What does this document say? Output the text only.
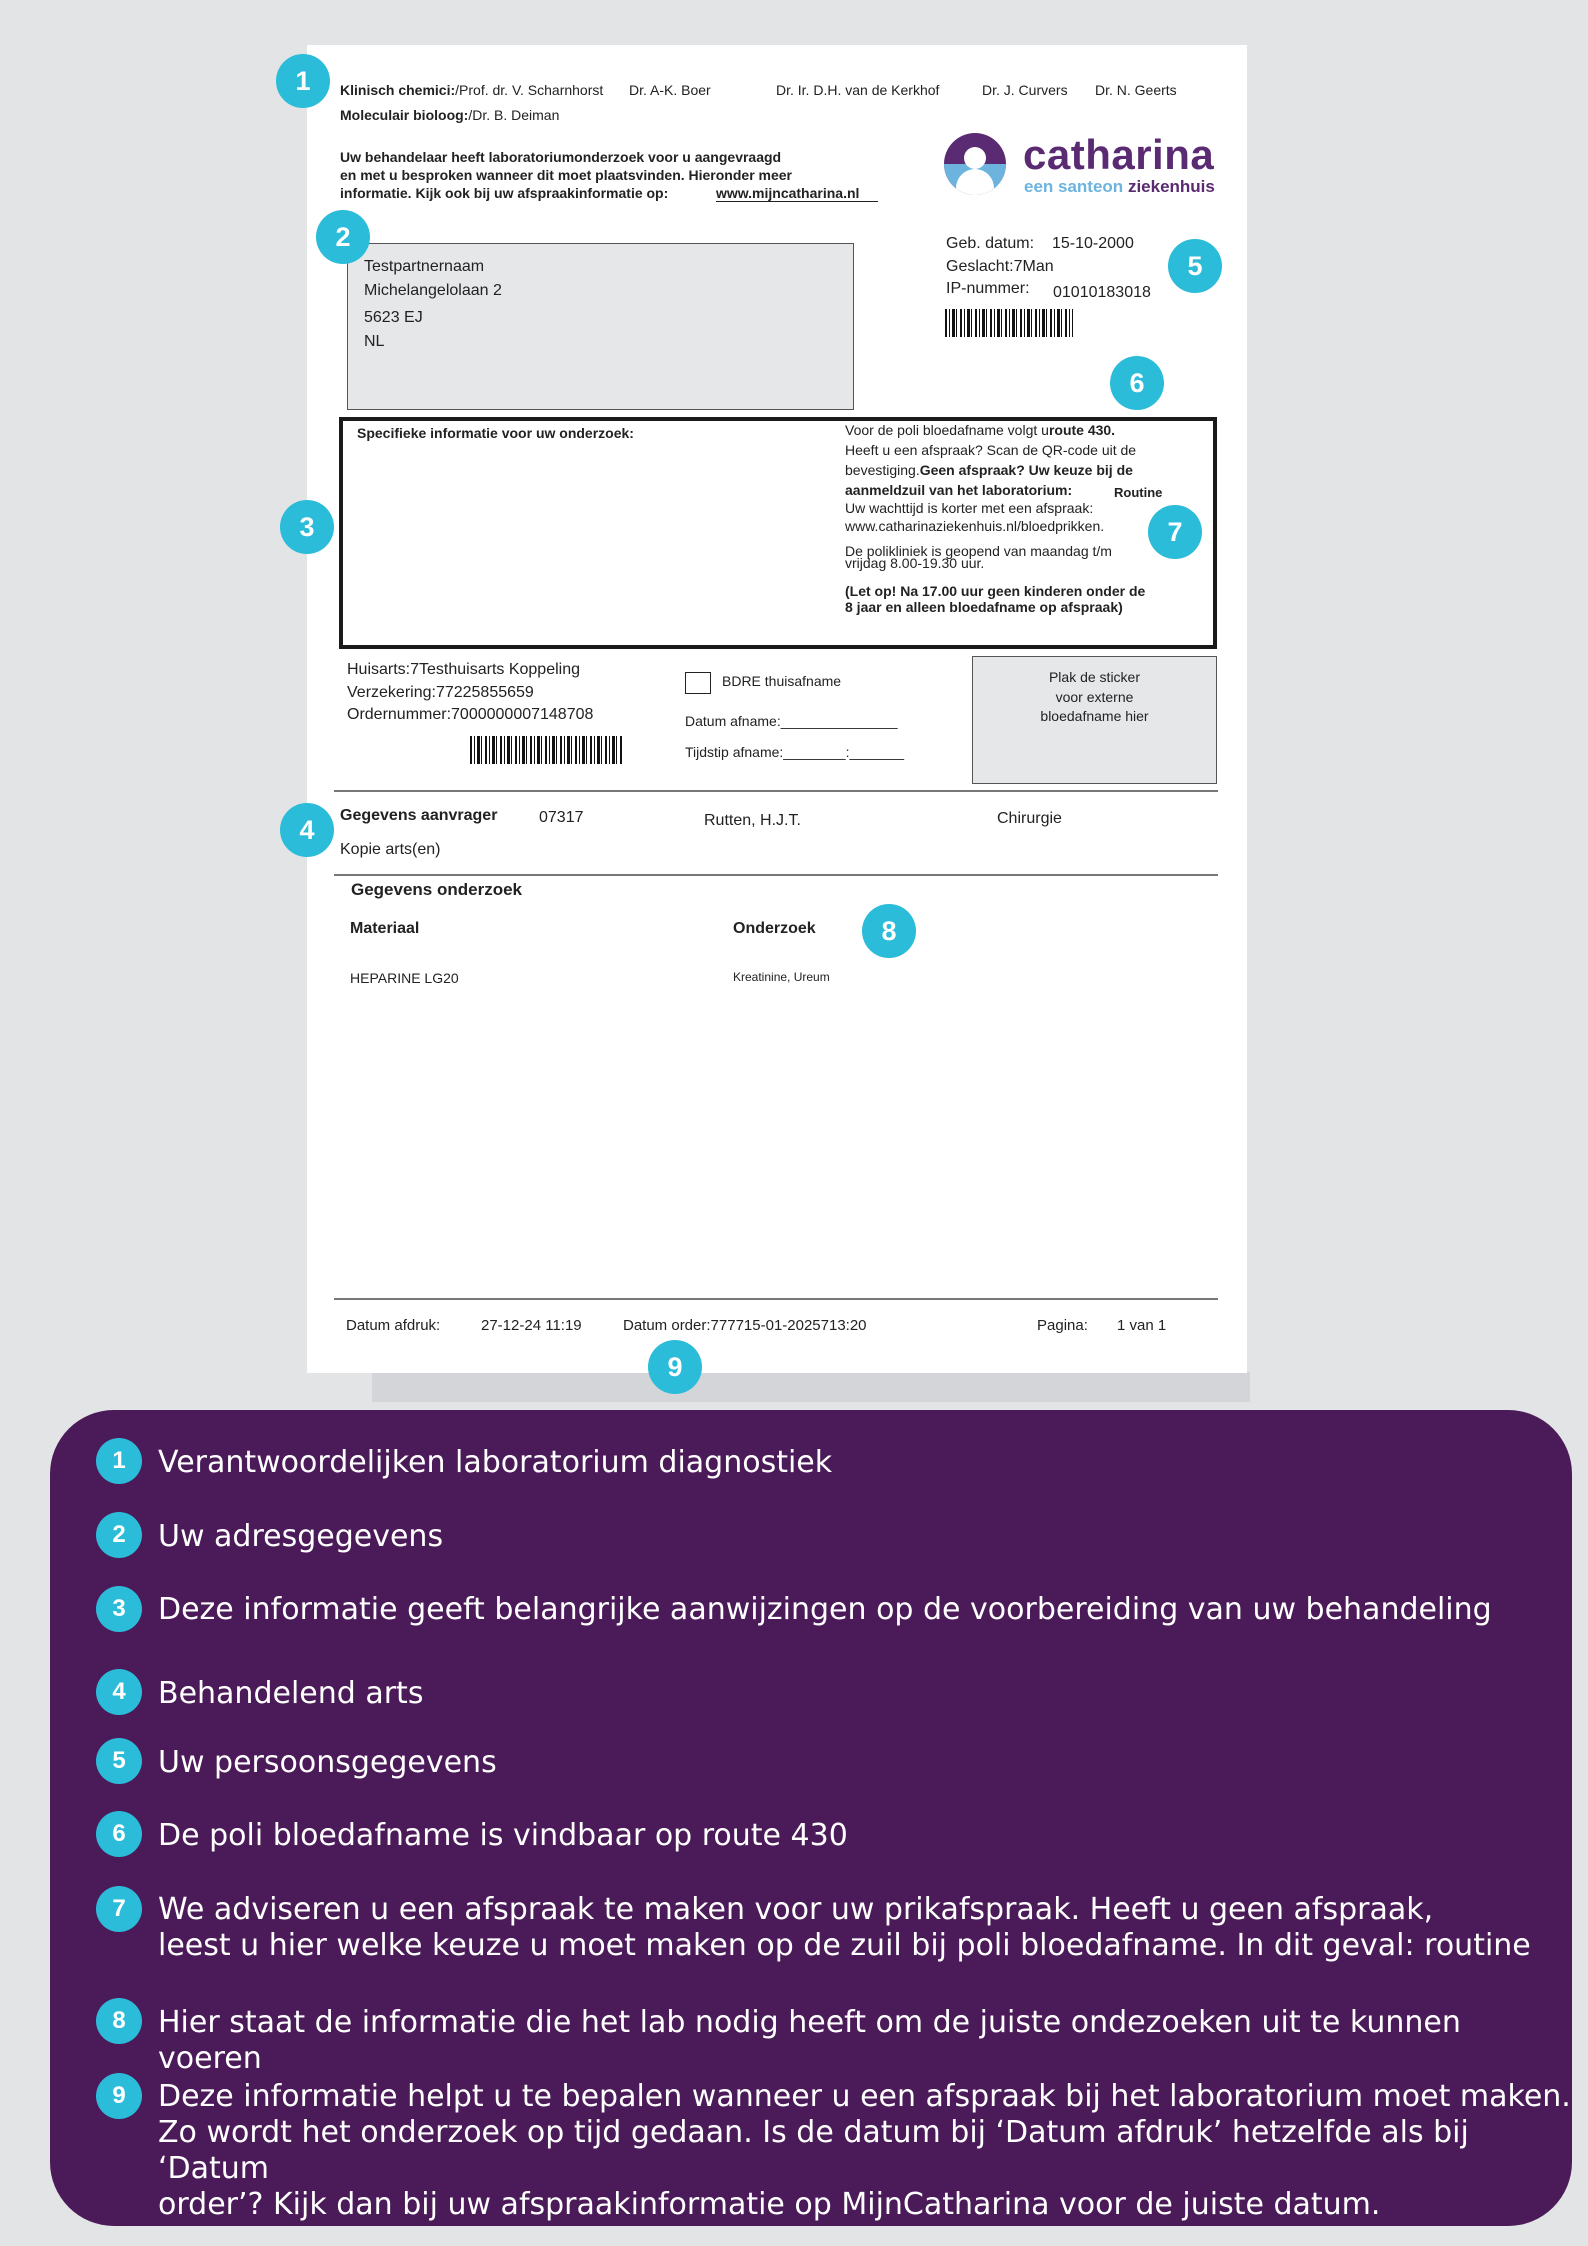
Klinisch chemici:/Prof. dr. V. Scharnhorst Dr. A-K. Boer	Dr. Ir. D.H. van de Kerkhof	Dr. J. Curvers Dr. N. Geerts
Moleculair bioloog:/Dr. B. Deiman
Uw behandelaar heeft laboratoriumonderzoek voor u aangevraagd
en met u besproken wanneer dit moet plaatsvinden. Hieronder meer
informatie. Kijk ook bij uw afspraakinformatie op:	www.mijncatharina.nl
catharina
een santeon ziekenhuis
Testpartnernaam
Michelangelolaan 2
5623 EJ
NL
Geb. datum: 15-10-2000
Geslacht:7Man
IP-nummer: 01010183018
Specifieke informatie voor uw onderzoek:	Voor de poli bloedafname volgt uroute 430.
Heeft u een afspraak? Scan de QR-code uit de
bevestiging.Geen afspraak? Uw keuze bij de
aanmeldzuil van het laboratorium:	Routine
Uw wachttijd is korter met een afspraak:
www.catharinaziekenhuis.nl/bloedprikken.
De polikliniek is geopend van maandag t/m
vrijdag 8.00-19.30 uur.
(Let op! Na 17.00 uur geen kinderen onder de
8 jaar en alleen bloedafname op afspraak)
Huisarts:7Testhuisarts Koppeling
Verzekering:77225855659
Ordernummer:7000000007148708
BDRE thuisafname
Datum afname:_______________
Tijdstip afname:________:_______
Plak de sticker
voor externe
bloedafname hier
Gegevens aanvrager	07317	Rutten, H.J.T.	Chirurgie
Kopie arts(en)
Gegevens onderzoek
Materiaal	Onderzoek
HEPARINE LG20	Kreatinine, Ureum
Datum afdruk:	27-12-24 11:19	Datum order:777715-01-2025713:20	Pagina: 1 van 1
1
2
3
4
5
6
7
8
9
1	Verantwoordelijken laboratorium diagnostiek
2	Uw adresgegevens
3	Deze informatie geeft belangrijke aanwijzingen op de voorbereiding van uw behandeling
4	Behandelend arts
5	Uw persoonsgegevens
6	De poli bloedafname is vindbaar op route 430
7	We adviseren u een afspraak te maken voor uw prikafspraak. Heeft u geen afspraak,
leest u hier welke keuze u moet maken op de zuil bij poli bloedafname. In dit geval: routine
8	Hier staat de informatie die het lab nodig heeft om de juiste ondezoeken uit te kunnen voeren
9	Deze informatie helpt u te bepalen wanneer u een afspraak bij het laboratorium moet maken.
Zo wordt het onderzoek op tijd gedaan. Is de datum bij ‘Datum afdruk’ hetzelfde als bij ‘Datum
order’? Kijk dan bij uw afspraakinformatie op MijnCatharina voor de juiste datum.
